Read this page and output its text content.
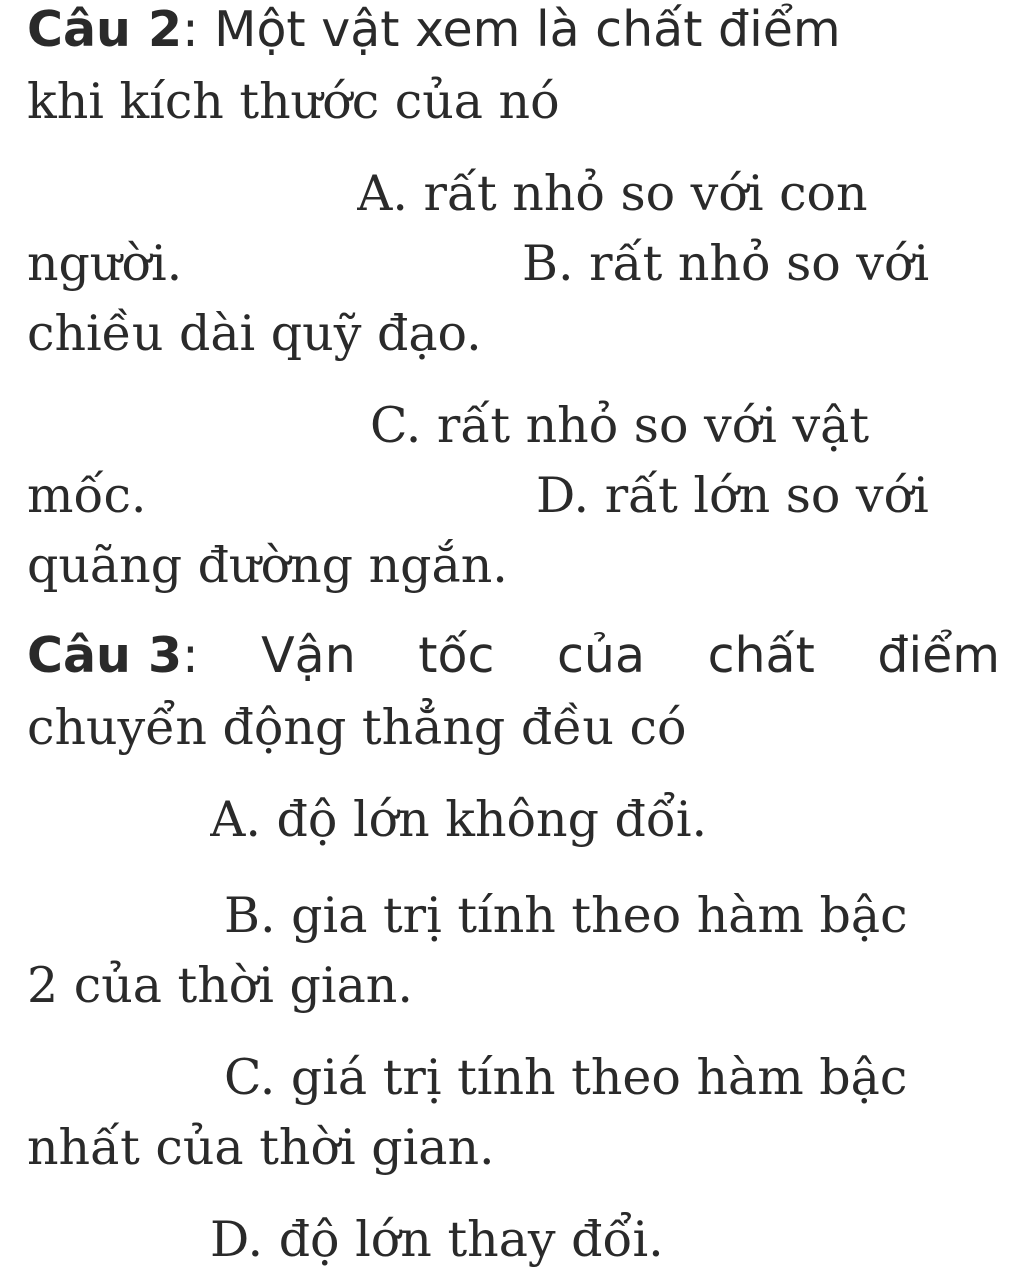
Câu 2: Một vật xem là chất điểm
khi kích thước của nó
A. rất nhỏ so với con
người.	B. rất nhỏ so với
chiều dài quỹ đạo.
C. rất nhỏ so với vật
mốc.	D. rất lớn so với
quãng đường ngắn.
Câu 3: Vận tốc của chất điểm
chuyển động thẳng đều có
A. độ lớn không đổi.
B. gia trị tính theo hàm bậc
2 của thời gian.
C. giá trị tính theo hàm bậc
nhất của thời gian.
D. độ lớn thay đổi.
